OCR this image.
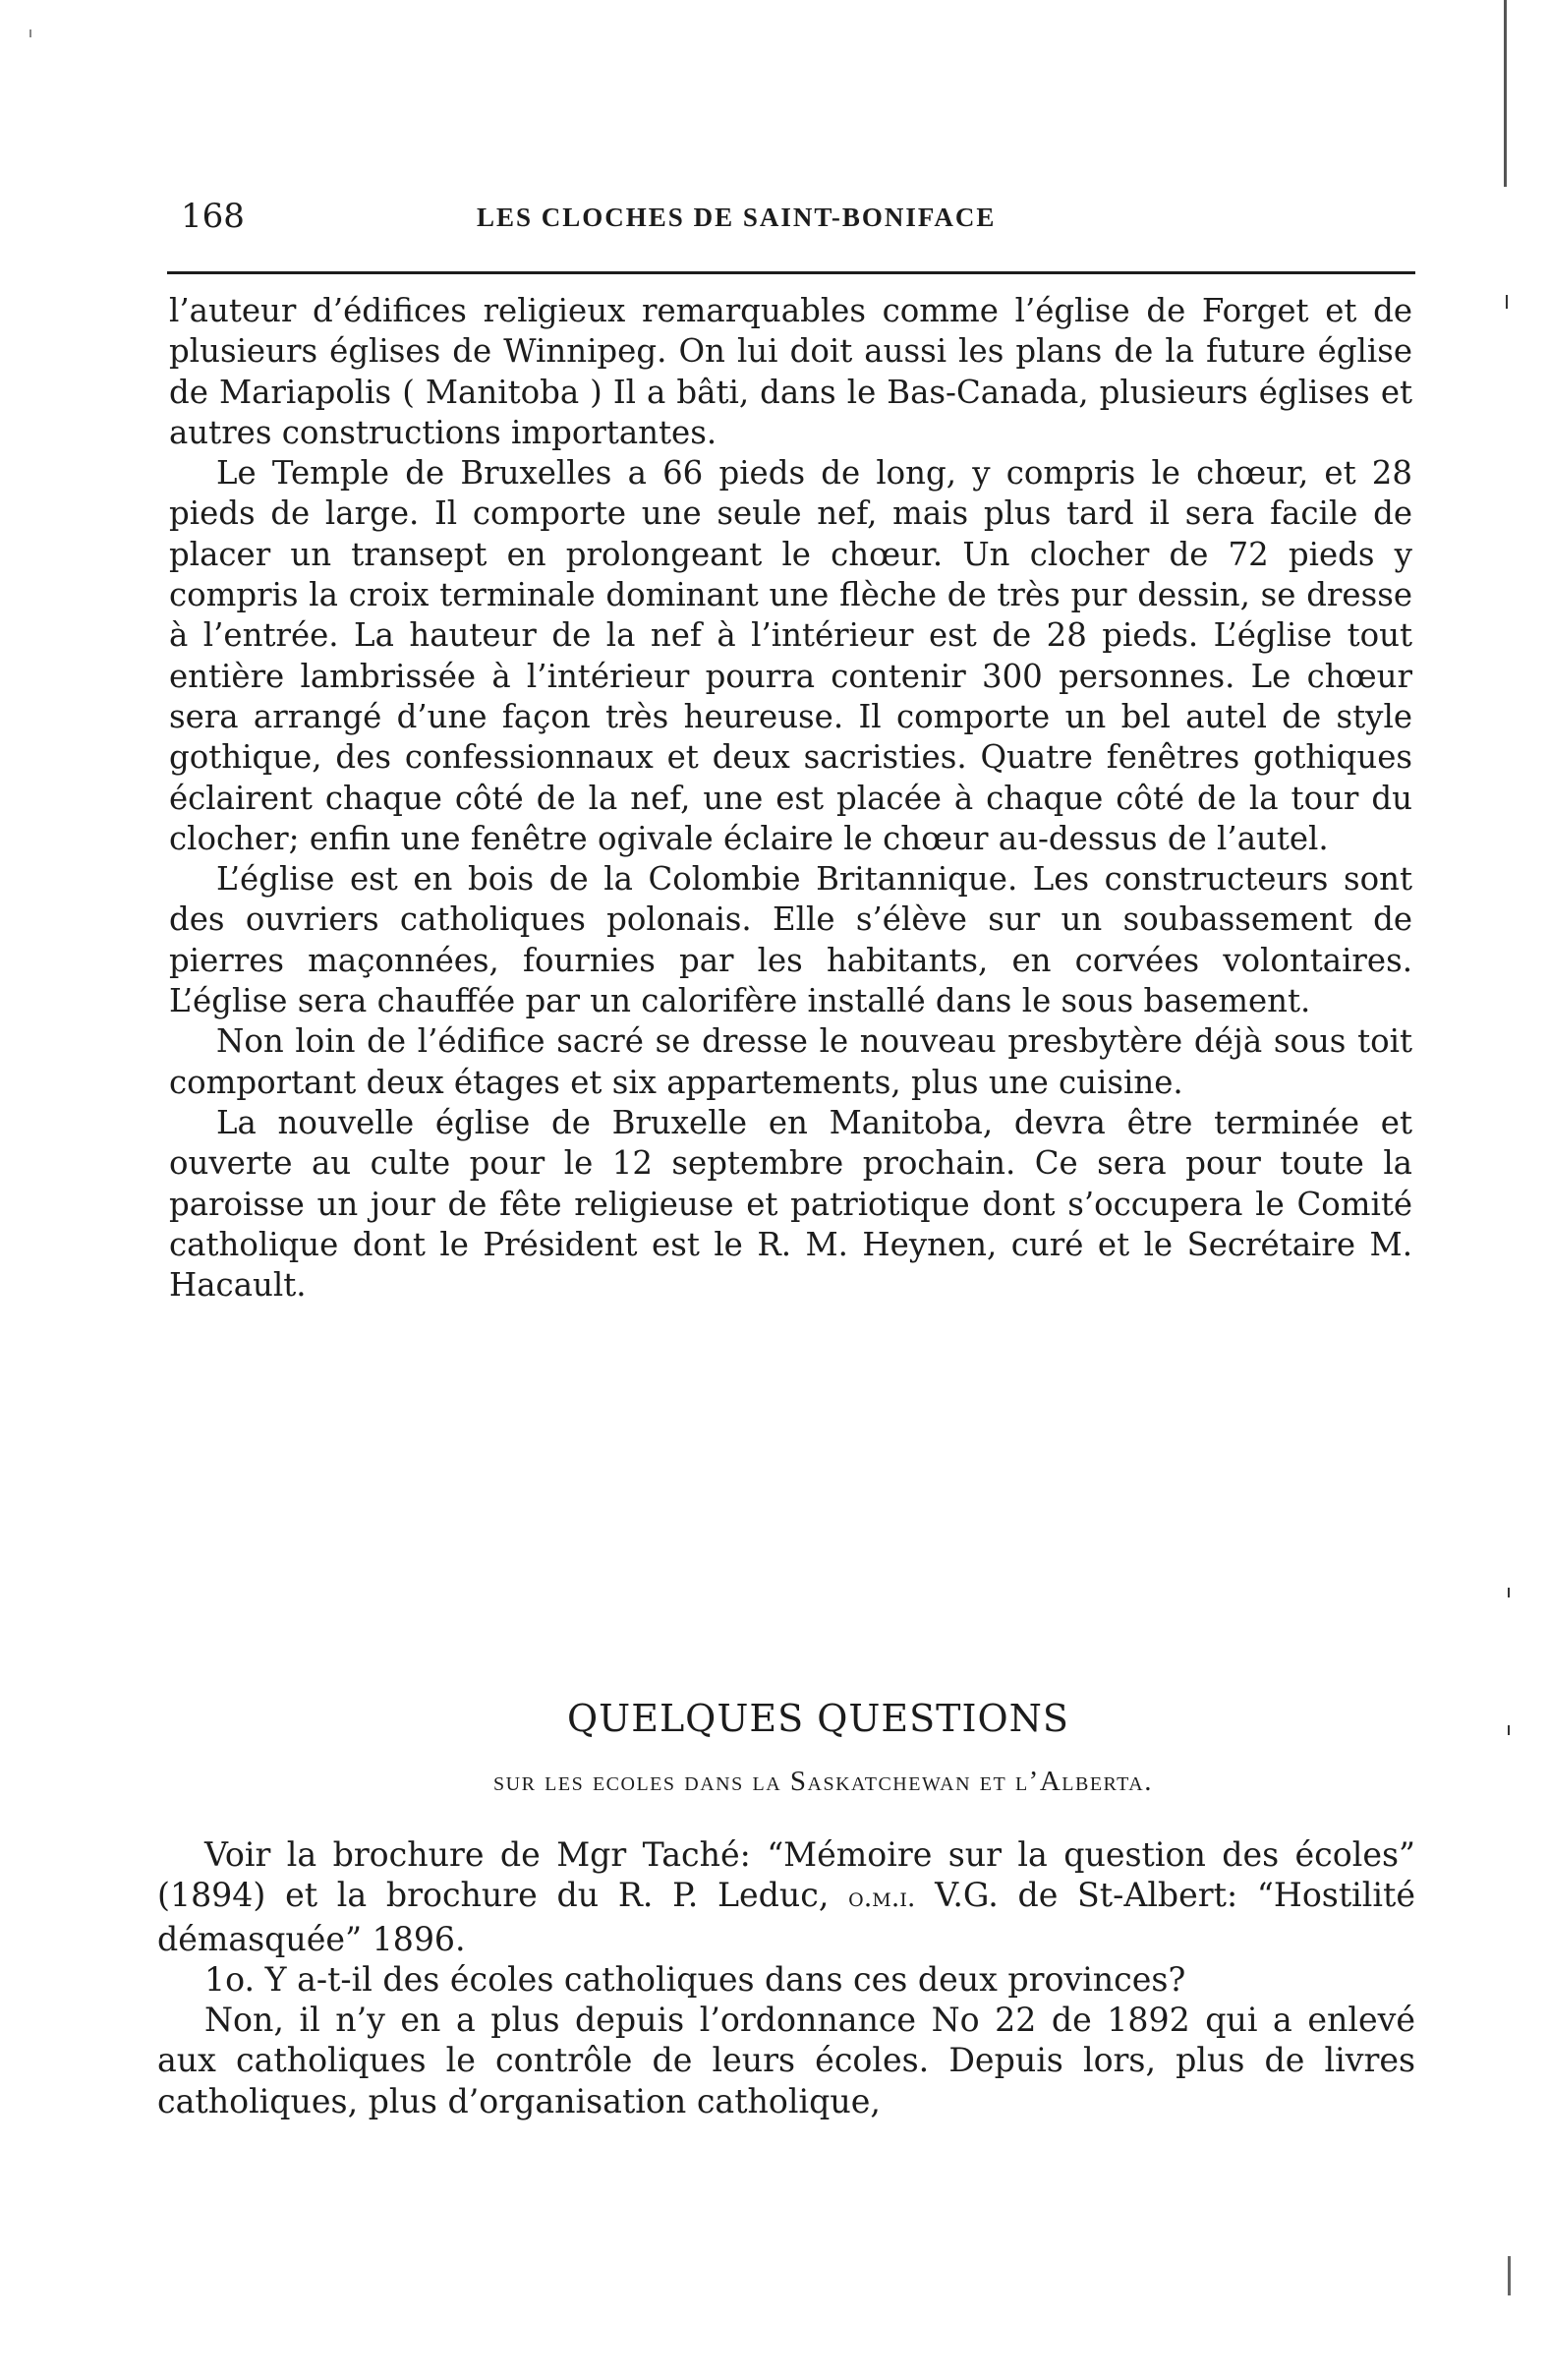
168	LES CLOCHES DE SAINT-BONIFACE

l’auteur d’édifices religieux remarquables comme l’église de Forget et de plusieurs églises de Winnipeg. On lui doit aussi les plans de la future église de Mariapolis ( Manitoba ) Il a bâti, dans le Bas-Canada, plusieurs églises et autres constructions importantes.

Le Temple de Bruxelles a 66 pieds de long, y compris le chœur, et 28 pieds de large. Il comporte une seule nef, mais plus tard il sera facile de placer un transept en prolongeant le chœur. Un clocher de 72 pieds y compris la croix terminale dominant une flèche de très pur dessin, se dresse à l’entrée. La hauteur de la nef à l’intérieur est de 28 pieds. L’église tout entière lambrissée à l’intérieur pourra contenir 300 personnes. Le chœur sera arrangé d’une façon très heureuse. Il comporte un bel autel de style gothique, des confessionnaux et deux sacristies. Quatre fenêtres gothiques éclairent chaque côté de la nef, une est placée à chaque côté de la tour du clocher; enfin une fenêtre ogivale éclaire le chœur au-dessus de l’autel.

L’église est en bois de la Colombie Britannique. Les constructeurs sont des ouvriers catholiques polonais. Elle s’élève sur un soubassement de pierres maçonnées, fournies par les habitants, en corvées volontaires. L’église sera chauffée par un calorifère installé dans le sous basement.

Non loin de l’édifice sacré se dresse le nouveau presbytère déjà sous toit comportant deux étages et six appartements, plus une cuisine.

La nouvelle église de Bruxelle en Manitoba, devra être terminée et ouverte au culte pour le 12 septembre prochain. Ce sera pour toute la paroisse un jour de fête religieuse et patriotique dont s’occupera le Comité catholique dont le Président est le R. M. Heynen, curé et le Secrétaire M. Hacault.

QUELQUES QUESTIONS
sur les ecoles dans la Saskatchewan et l’Alberta.

Voir la brochure de Mgr Taché: “Mémoire sur la question des écoles” (1894) et la brochure du R. P. Leduc, o.m.i. V.G. de St-Albert: “Hostilité démasquée” 1896.

1o. Y a-t-il des écoles catholiques dans ces deux provinces?

Non, il n’y en a plus depuis l’ordonnance No 22 de 1892 qui a enlevé aux catholiques le contrôle de leurs écoles. Depuis lors, plus de livres catholiques, plus d’organisation catholique,
